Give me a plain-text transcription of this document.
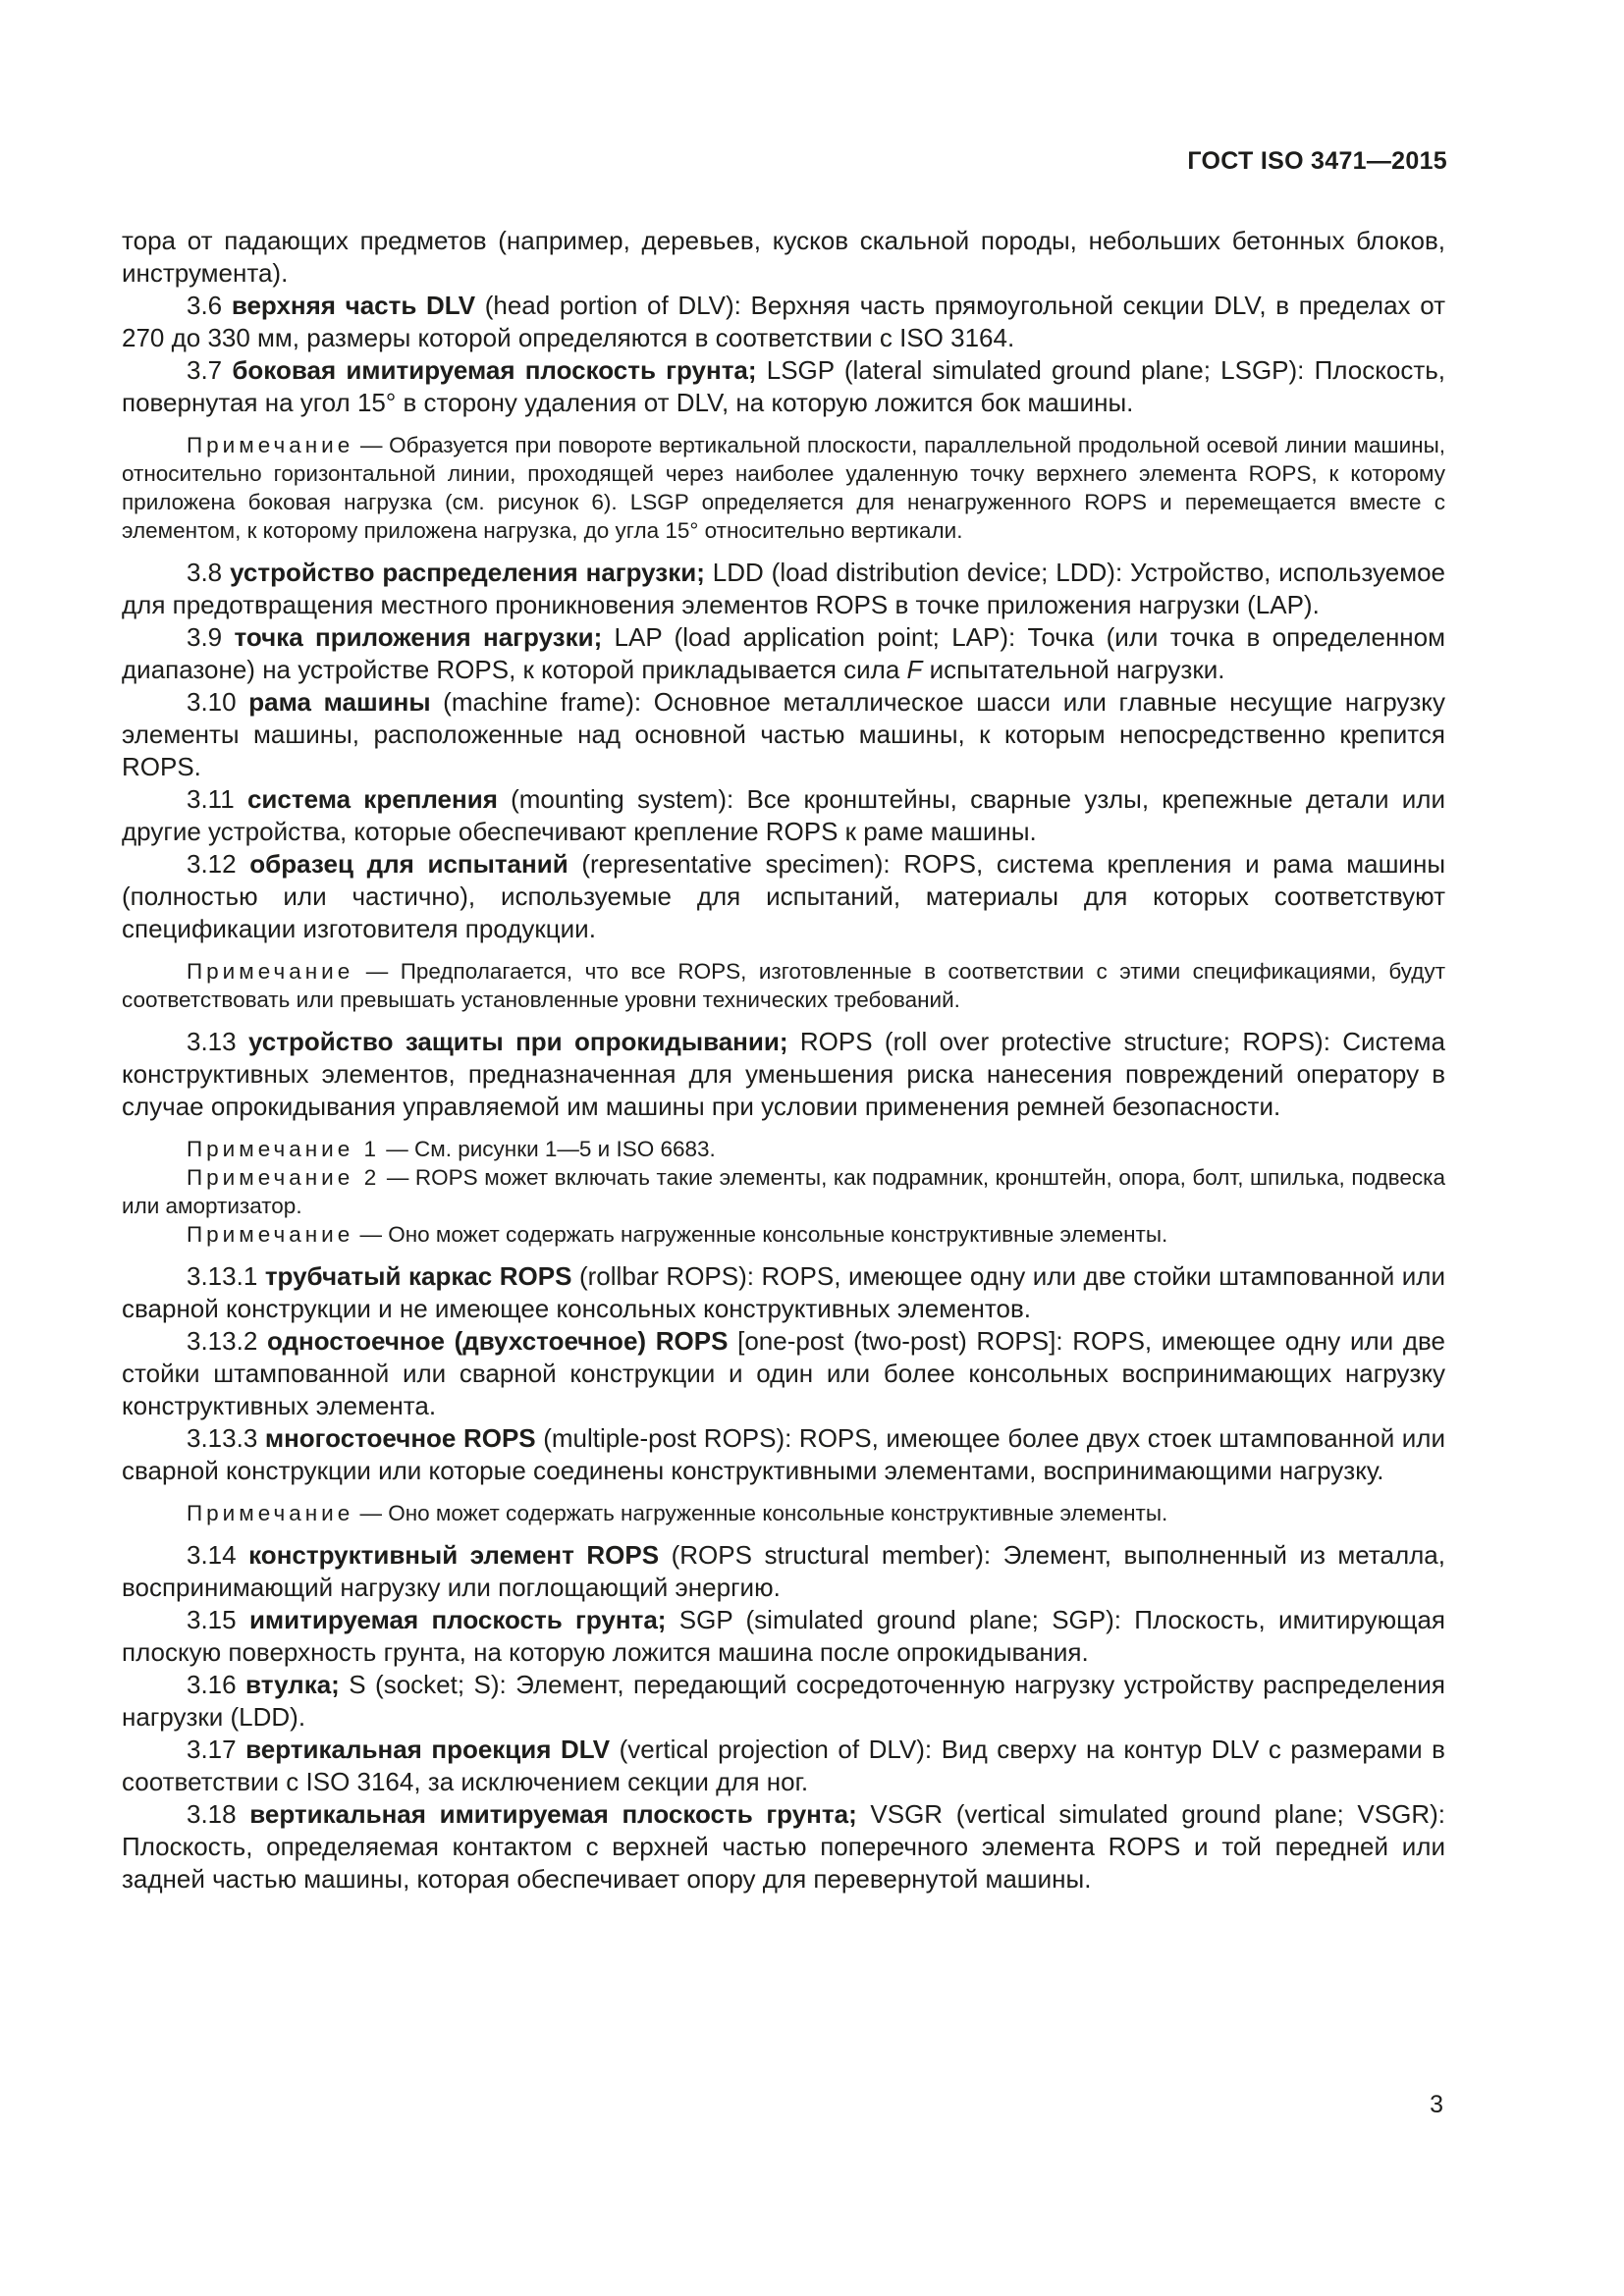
ГОСТ ISO 3471—2015

тора от падающих предметов (например, деревьев, кусков скальной породы, небольших бетонных блоков, инструмента).

3.6 верхняя часть DLV (head portion of DLV): Верхняя часть прямоугольной секции DLV, в пределах от 270 до 330 мм, размеры которой определяются в соответствии с ISO 3164.

3.7 боковая имитируемая плоскость грунта; LSGP (lateral simulated ground plane; LSGP): Плоскость, повернутая на угол 15° в сторону удаления от DLV, на которую ложится бок машины.

Примечание — Образуется при повороте вертикальной плоскости, параллельной продольной осевой линии машины, относительно горизонтальной линии, проходящей через наиболее удаленную точку верхнего элемента ROPS, к которому приложена боковая нагрузка (см. рисунок 6). LSGP определяется для ненагруженного ROPS и перемещается вместе с элементом, к которому приложена нагрузка, до угла 15° относительно вертикали.

3.8 устройство распределения нагрузки; LDD (load distribution device; LDD): Устройство, используемое для предотвращения местного проникновения элементов ROPS в точке приложения нагрузки (LAP).

3.9 точка приложения нагрузки; LAP (load application point; LAP): Точка (или точка в определенном диапазоне) на устройстве ROPS, к которой прикладывается сила F испытательной нагрузки.

3.10 рама машины (machine frame): Основное металлическое шасси или главные несущие нагрузку элементы машины, расположенные над основной частью машины, к которым непосредственно крепится ROPS.

3.11 система крепления (mounting system): Все кронштейны, сварные узлы, крепежные детали или другие устройства, которые обеспечивают крепление ROPS к раме машины.

3.12 образец для испытаний (representative specimen): ROPS, система крепления и рама машины (полностью или частично), используемые для испытаний, материалы для которых соответствуют спецификации изготовителя продукции.

Примечание — Предполагается, что все ROPS, изготовленные в соответствии с этими спецификациями, будут соответствовать или превышать установленные уровни технических требований.

3.13 устройство защиты при опрокидывании; ROPS (roll over protective structure; ROPS): Система конструктивных элементов, предназначенная для уменьшения риска нанесения повреждений оператору в случае опрокидывания управляемой им машины при условии применения ремней безопасности.

Примечание 1 — См. рисунки 1—5 и ISO 6683.

Примечание 2 — ROPS может включать такие элементы, как подрамник, кронштейн, опора, болт, шпилька, подвеска или амортизатор.

Примечание — Оно может содержать нагруженные консольные конструктивные элементы.

3.13.1 трубчатый каркас ROPS (rollbar ROPS): ROPS, имеющее одну или две стойки штампованной или сварной конструкции и не имеющее консольных конструктивных элементов.

3.13.2 одностоечное (двухстоечное) ROPS [one-post (two-post) ROPS]: ROPS, имеющее одну или две стойки штампованной или сварной конструкции и один или более консольных воспринимающих нагрузку конструктивных элемента.

3.13.3 многостоечное ROPS (multiple-post ROPS): ROPS, имеющее более двух стоек штампованной или сварной конструкции или которые соединены конструктивными элементами, воспринимающими нагрузку.

Примечание — Оно может содержать нагруженные консольные конструктивные элементы.

3.14 конструктивный элемент ROPS (ROPS structural member): Элемент, выполненный из металла, воспринимающий нагрузку или поглощающий энергию.

3.15 имитируемая плоскость грунта; SGP (simulated ground plane; SGP): Плоскость, имитирующая плоскую поверхность грунта, на которую ложится машина после опрокидывания.

3.16 втулка; S (socket; S): Элемент, передающий сосредоточенную нагрузку устройству распределения нагрузки (LDD).

3.17 вертикальная проекция DLV (vertical projection of DLV): Вид сверху на контур DLV с размерами в соответствии с ISO 3164, за исключением секции для ног.

3.18 вертикальная имитируемая плоскость грунта; VSGR (vertical simulated ground plane; VSGR): Плоскость, определяемая контактом с верхней частью поперечного элемента ROPS и той передней или задней частью машины, которая обеспечивает опору для перевернутой машины.

3
